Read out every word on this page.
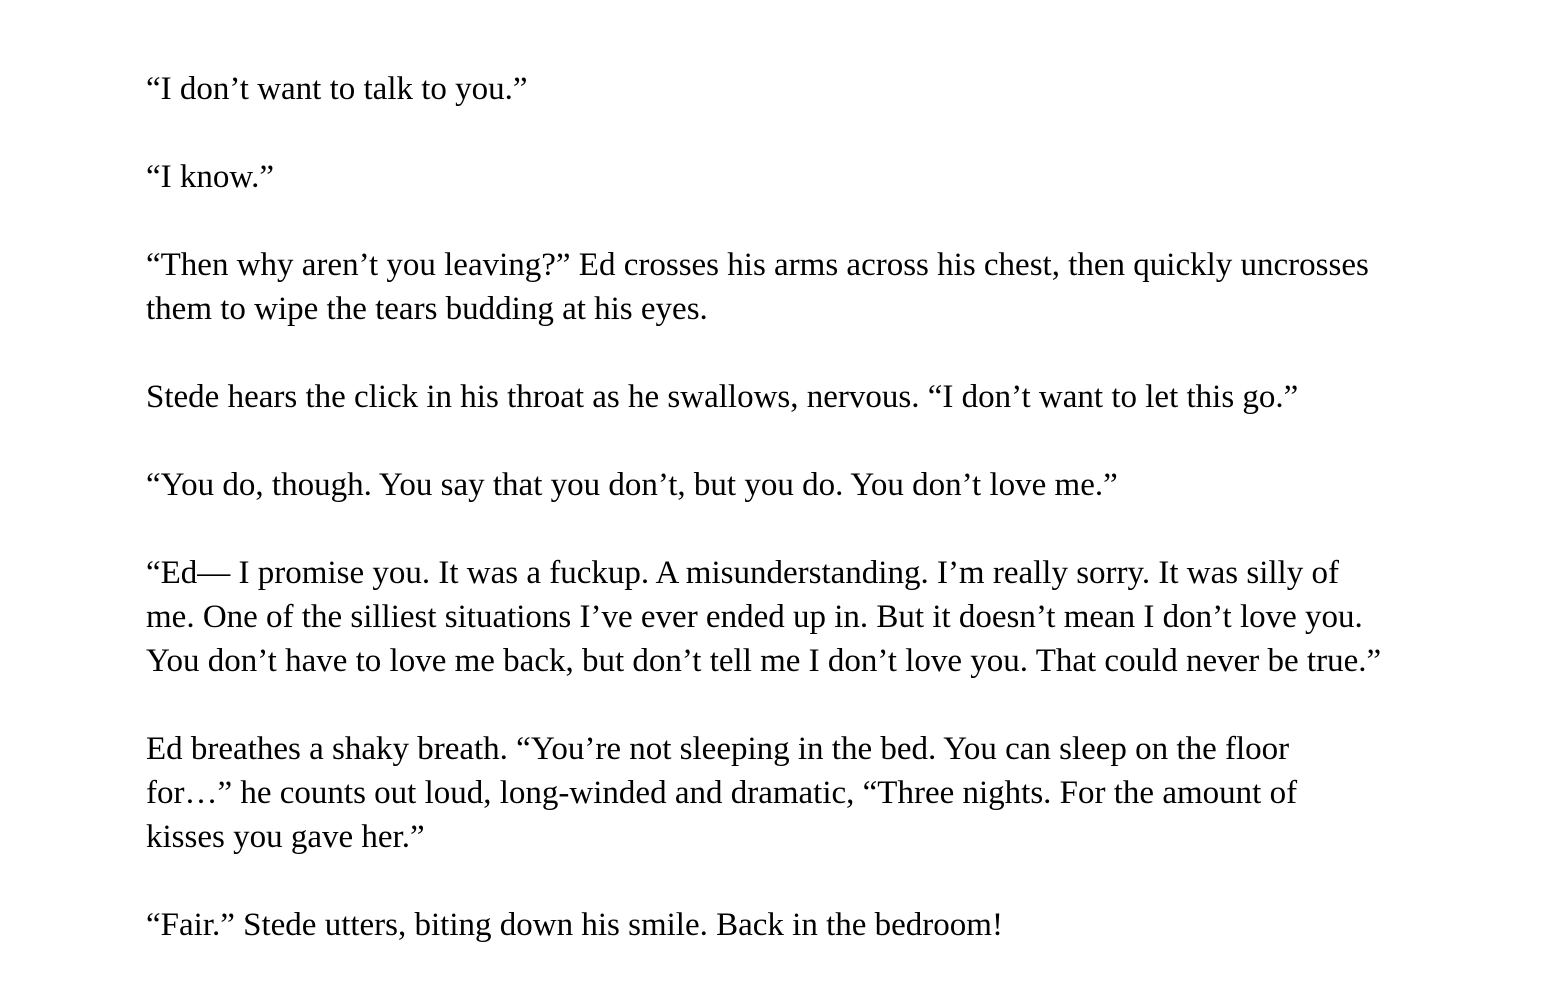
“I don’t want to talk to you.”

“I know.”

“Then why aren’t you leaving?” Ed crosses his arms across his chest, then quickly uncrosses
them to wipe the tears budding at his eyes.

Stede hears the click in his throat as he swallows, nervous. “I don’t want to let this go.”

“You do, though. You say that you don’t, but you do. You don’t love me.”

“Ed— I promise you. It was a fuckup. A misunderstanding. I’m really sorry. It was silly of
me. One of the silliest situations I’ve ever ended up in. But it doesn’t mean I don’t love you.
You don’t have to love me back, but don’t tell me I don’t love you. That could never be true.”

Ed breathes a shaky breath. “You’re not sleeping in the bed. You can sleep on the floor
for…” he counts out loud, long-winded and dramatic, “Three nights. For the amount of
kisses you gave her.”

“Fair.” Stede utters, biting down his smile. Back in the bedroom!
